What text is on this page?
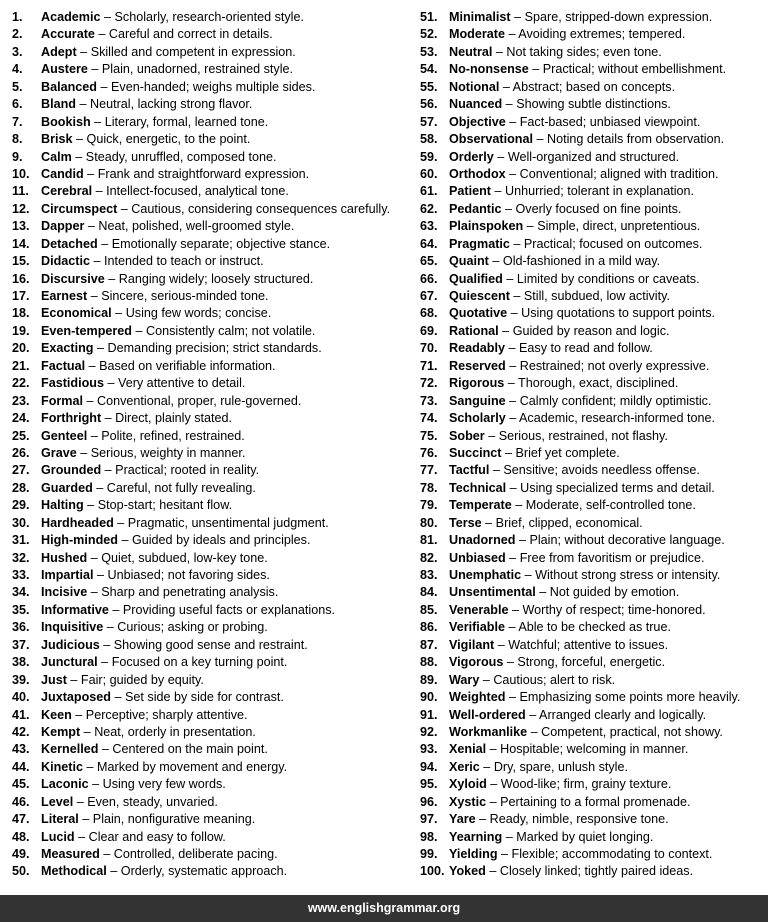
1.	Academic – Scholarly, research-oriented style.
2.	Accurate – Careful and correct in details.
3.	Adept – Skilled and competent in expression.
4.	Austere – Plain, unadorned, restrained style.
5.	Balanced – Even-handed; weighs multiple sides.
6.	Bland – Neutral, lacking strong flavor.
7.	Bookish – Literary, formal, learned tone.
8.	Brisk – Quick, energetic, to the point.
9.	Calm – Steady, unruffled, composed tone.
10. Candid – Frank and straightforward expression.
11. Cerebral – Intellect-focused, analytical tone.
12. Circumspect – Cautious, considering consequences carefully.
13. Dapper – Neat, polished, well-groomed style.
14. Detached – Emotionally separate; objective stance.
15. Didactic – Intended to teach or instruct.
16. Discursive – Ranging widely; loosely structured.
17. Earnest – Sincere, serious-minded tone.
18. Economical – Using few words; concise.
19. Even-tempered – Consistently calm; not volatile.
20. Exacting – Demanding precision; strict standards.
21. Factual – Based on verifiable information.
22. Fastidious – Very attentive to detail.
23. Formal – Conventional, proper, rule-governed.
24. Forthright – Direct, plainly stated.
25. Genteel – Polite, refined, restrained.
26. Grave – Serious, weighty in manner.
27. Grounded – Practical; rooted in reality.
28. Guarded – Careful, not fully revealing.
29. Halting – Stop-start; hesitant flow.
30. Hardheaded – Pragmatic, unsentimental judgment.
31. High-minded – Guided by ideals and principles.
32. Hushed – Quiet, subdued, low-key tone.
33. Impartial – Unbiased; not favoring sides.
34. Incisive – Sharp and penetrating analysis.
35. Informative – Providing useful facts or explanations.
36. Inquisitive – Curious; asking or probing.
37. Judicious – Showing good sense and restraint.
38. Junctural – Focused on a key turning point.
39. Just – Fair; guided by equity.
40. Juxtaposed – Set side by side for contrast.
41. Keen – Perceptive; sharply attentive.
42. Kempt – Neat, orderly in presentation.
43. Kernelled – Centered on the main point.
44. Kinetic – Marked by movement and energy.
45. Laconic – Using very few words.
46. Level – Even, steady, unvaried.
47. Literal – Plain, nonfigurative meaning.
48. Lucid – Clear and easy to follow.
49. Measured – Controlled, deliberate pacing.
50. Methodical – Orderly, systematic approach.
51. Minimalist – Spare, stripped-down expression.
52. Moderate – Avoiding extremes; tempered.
53. Neutral – Not taking sides; even tone.
54. No-nonsense – Practical; without embellishment.
55. Notional – Abstract; based on concepts.
56. Nuanced – Showing subtle distinctions.
57. Objective – Fact-based; unbiased viewpoint.
58. Observational – Noting details from observation.
59. Orderly – Well-organized and structured.
60. Orthodox – Conventional; aligned with tradition.
61. Patient – Unhurried; tolerant in explanation.
62. Pedantic – Overly focused on fine points.
63. Plainspoken – Simple, direct, unpretentious.
64. Pragmatic – Practical; focused on outcomes.
65. Quaint – Old-fashioned in a mild way.
66. Qualified – Limited by conditions or caveats.
67. Quiescent – Still, subdued, low activity.
68. Quotative – Using quotations to support points.
69. Rational – Guided by reason and logic.
70. Readably – Easy to read and follow.
71. Reserved – Restrained; not overly expressive.
72. Rigorous – Thorough, exact, disciplined.
73. Sanguine – Calmly confident; mildly optimistic.
74. Scholarly – Academic, research-informed tone.
75. Sober – Serious, restrained, not flashy.
76. Succinct – Brief yet complete.
77. Tactful – Sensitive; avoids needless offense.
78. Technical – Using specialized terms and detail.
79. Temperate – Moderate, self-controlled tone.
80. Terse – Brief, clipped, economical.
81. Unadorned – Plain; without decorative language.
82. Unbiased – Free from favoritism or prejudice.
83. Unemphatic – Without strong stress or intensity.
84. Unsentimental – Not guided by emotion.
85. Venerable – Worthy of respect; time-honored.
86. Verifiable – Able to be checked as true.
87. Vigilant – Watchful; attentive to issues.
88. Vigorous – Strong, forceful, energetic.
89. Wary – Cautious; alert to risk.
90. Weighted – Emphasizing some points more heavily.
91. Well-ordered – Arranged clearly and logically.
92. Workmanlike – Competent, practical, not showy.
93. Xenial – Hospitable; welcoming in manner.
94. Xeric – Dry, spare, unlush style.
95. Xyloid – Wood-like; firm, grainy texture.
96. Xystic – Pertaining to a formal promenade.
97. Yare – Ready, nimble, responsive tone.
98. Yearning – Marked by quiet longing.
99. Yielding – Flexible; accommodating to context.
100. Yoked – Closely linked; tightly paired ideas.
www.englishgrammar.org
